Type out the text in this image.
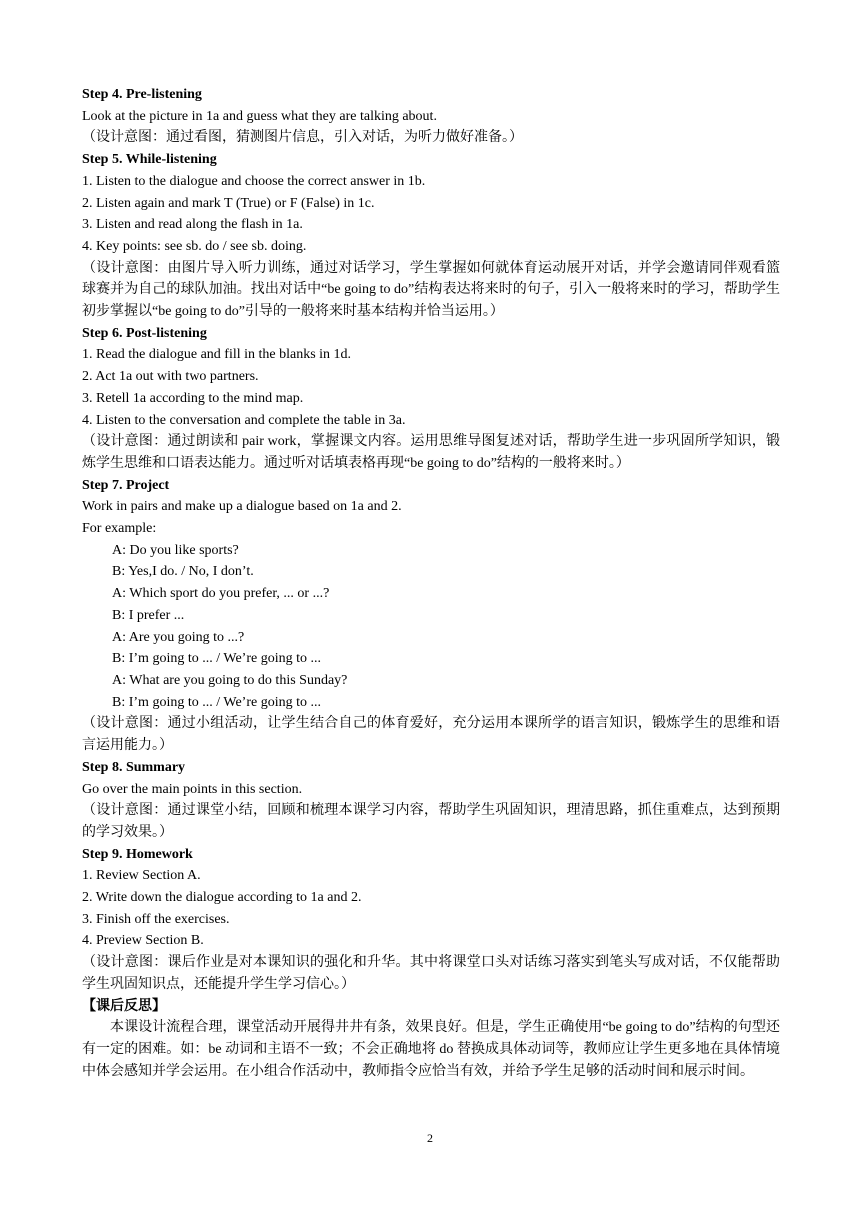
Step 4. Pre-listening
Look at the picture in 1a and guess what they are talking about.
（设计意图：通过看图，猜测图片信息，引入对话，为听力做好准备。）
Step 5. While-listening
1. Listen to the dialogue and choose the correct answer in 1b.
2. Listen again and mark T (True) or F (False) in 1c.
3. Listen and read along the flash in 1a.
4. Key points: see sb. do / see sb. doing.
（设计意图：由图片导入听力训练，通过对话学习，学生掌握如何就体育运动展开对话，并学会邀请同伴观看篮球赛并为自己的球队加油。找出对话中“be going to do”结构表达将来时的句子，引入一般将来时的学习，帮助学生初步掌握以“be going to do”引导的一般将来时基本结构并恰当运用。）
Step 6. Post-listening
1. Read the dialogue and fill in the blanks in 1d.
2. Act 1a out with two partners.
3. Retell 1a according to the mind map.
4. Listen to the conversation and complete the table in 3a.
（设计意图：通过朗读和 pair work，掌握课文内容。运用思维导图复述对话，帮助学生进一步巩固所学知识，锻炼学生思维和口语表达能力。通过听对话填表格再现“be going to do”结构的一般将来时。）
Step 7. Project
Work in pairs and make up a dialogue based on 1a and 2.
For example:
A: Do you like sports?
B: Yes,I do. / No, I don’t.
A: Which sport do you prefer, ... or ...?
B: I prefer ...
A: Are you going to ...?
B: I’m going to ... / We’re going to ...
A: What are you going to do this Sunday?
B: I’m going to ... / We’re going to ...
（设计意图：通过小组活动，让学生结合自己的体育爱好，充分运用本课所学的语言知识，锻炼学生的思维和语言运用能力。）
Step 8. Summary
Go over the main points in this section.
（设计意图：通过课堂小结，回顾和梳理本课学习内容，帮助学生巩固知识，理清思路，抓住重难点，达到预期的学习效果。）
Step 9. Homework
1. Review Section A.
2. Write down the dialogue according to 1a and 2.
3. Finish off the exercises.
4. Preview Section B.
（设计意图：课后作业是对本课知识的强化和升华。其中将课堂口头对话练习落实到笔头写成对话，不仅能帮助学生巩固知识点，还能提升学生学习信心。）
【课后反思】
本课设计流程合理，课堂活动开展得井井有条，效果良好。但是，学生正确使用“be going to do”结构的句型还有一定的困难。如：be 动词和主语不一致；不会正确地将 do 替换成具体动词等，教师应让学生更多地在具体情境中体会感知并学会运用。在小组合作活动中，教师指令应恰当有效，并给予学生足够的活动时间和展示时间。
2
